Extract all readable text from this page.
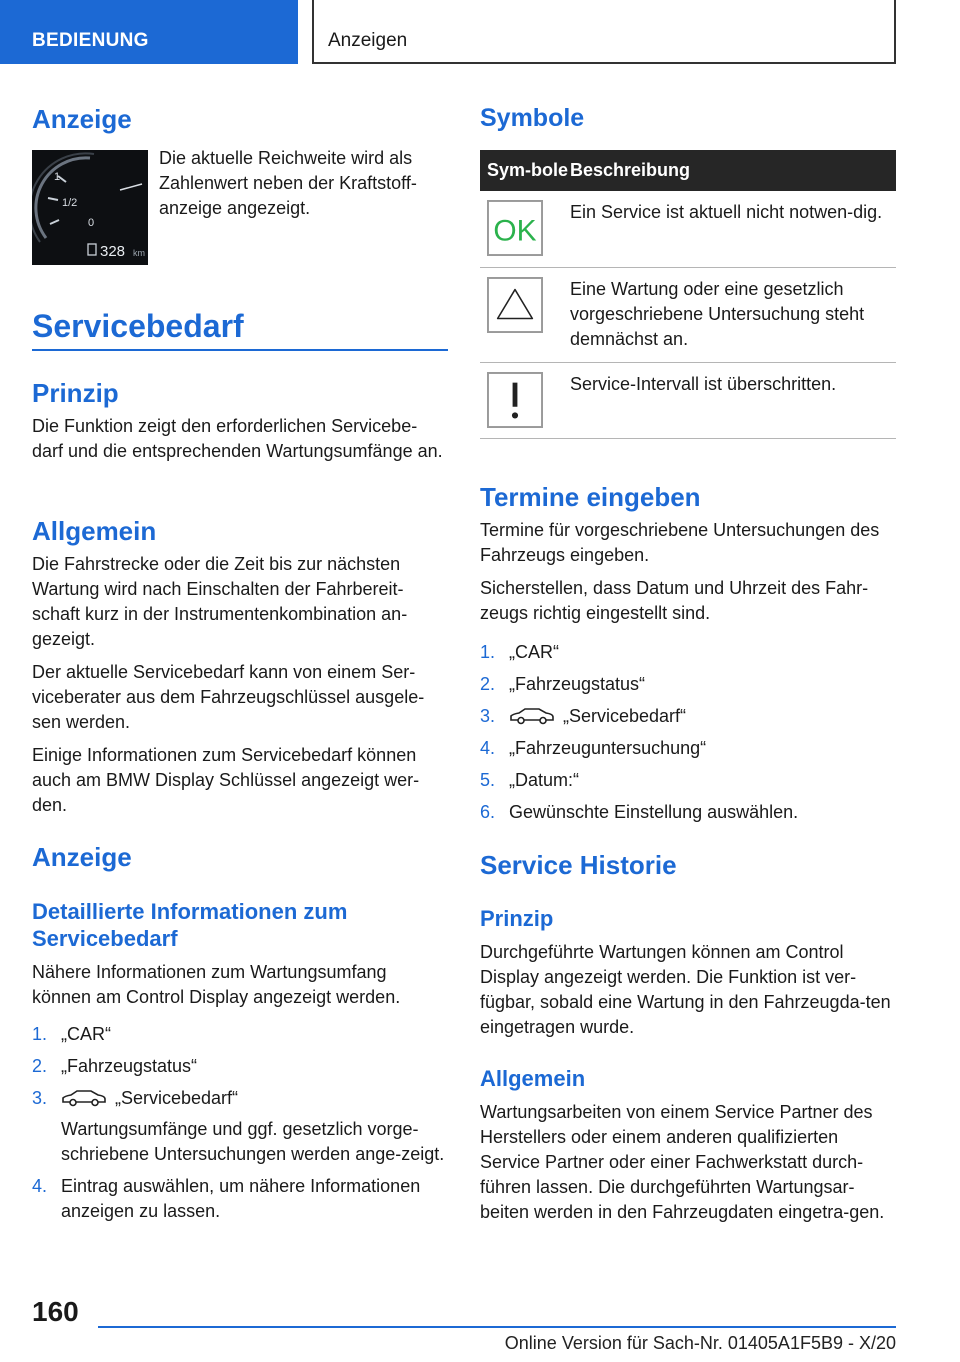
BEDIENUNG	Anzeigen
Anzeige
1
1/2
0
328 km

Die aktuelle Reichweite wird als Zahlenwert neben der Kraftstoff-anzeige angezeigt.

Servicebedarf
Prinzip

Die Funktion zeigt den erforderlichen Servicebe-darf und die entsprechenden Wartungsumfänge an.

Allgemein

Die Fahrstrecke oder die Zeit bis zur nächsten Wartung wird nach Einschalten der Fahrbereit-schaft kurz in der Instrumentenkombination an-gezeigt.

Der aktuelle Servicebedarf kann von einem Ser-viceberater aus dem Fahrzeugschlüssel ausgele-sen werden.

Einige Informationen zum Servicebedarf können auch am BMW Display Schlüssel angezeigt wer-den.

Anzeige
Detaillierte Informationen zum Servicebedarf

Nähere Informationen zum Wartungsumfang können am Control Display angezeigt werden.

1. „CAR“
2. „Fahrzeugstatus“
3.	„Servicebedarf“
Wartungsumfänge und ggf. gesetzlich vorge-schriebene Untersuchungen werden ange-zeigt.
4. Eintrag auswählen, um nähere Informationen anzeigen zu lassen.
Symbole
Sym-bole	Beschreibung

OK	Ein Service ist aktuell nicht notwen-dig.

	Eine Wartung oder eine gesetzlich vorgeschriebene Untersuchung steht demnächst an.

	Service-Intervall ist überschritten.
Termine eingeben

Termine für vorgeschriebene Untersuchungen des Fahrzeugs eingeben.

Sicherstellen, dass Datum und Uhrzeit des Fahr-zeugs richtig eingestellt sind.

1. „CAR“
2. „Fahrzeugstatus“
3.	„Servicebedarf“
4. „Fahrzeuguntersuchung“
5. „Datum:“
6. Gewünschte Einstellung auswählen.
Service Historie
Prinzip

Durchgeführte Wartungen können am Control Display angezeigt werden. Die Funktion ist ver-fügbar, sobald eine Wartung in den Fahrzeugda-ten eingetragen wurde.

Allgemein

Wartungsarbeiten von einem Service Partner des Herstellers oder einem anderen qualifizierten Service Partner oder einer Fachwerkstatt durch-führen lassen. Die durchgeführten Wartungsar-beiten werden in den Fahrzeugdaten eingetra-gen.

160
Online Version für Sach-Nr. 01405A1F5B9 - X/20
